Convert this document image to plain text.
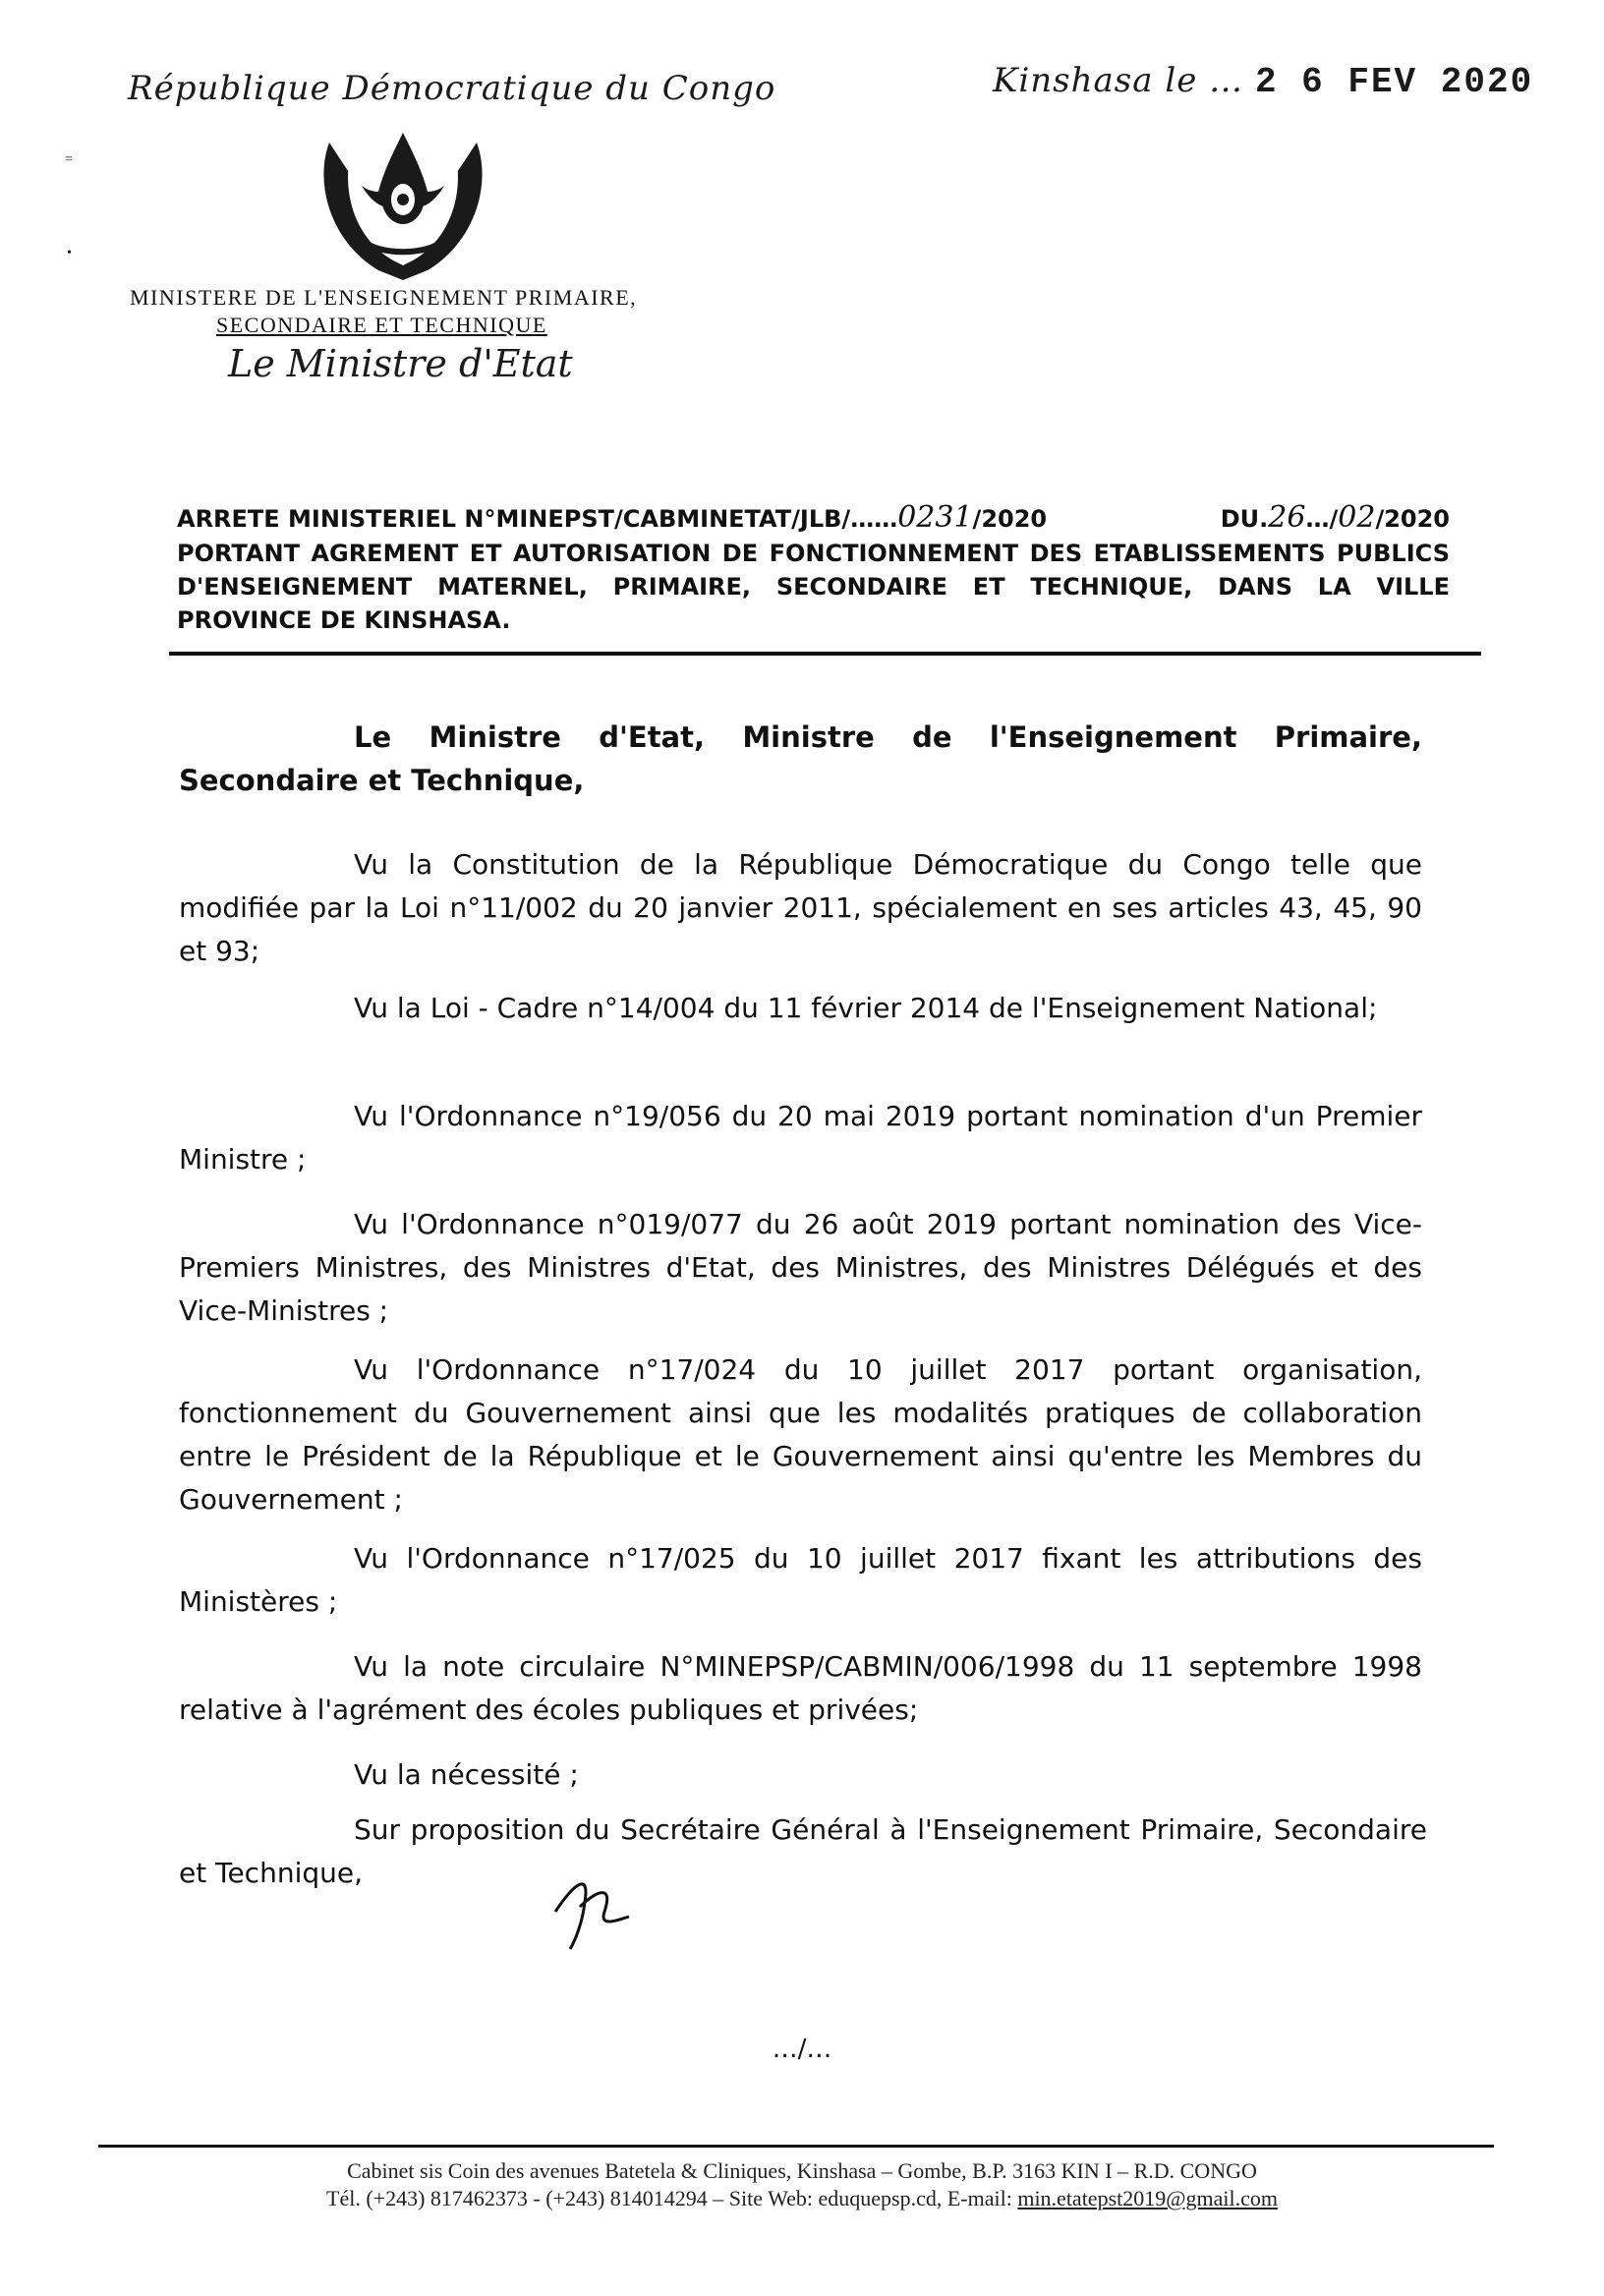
République Démocratique du Congo	Kinshasa le … 2 6 FEV 2020
=
•
MINISTERE DE L'ENSEIGNEMENT PRIMAIRE,
SECONDAIRE ET TECHNIQUE
Le Ministre d'Etat
ARRETE MINISTERIEL N°MINEPST/CABMINETAT/JLB/……0231/2020	DU.26…/02/2020
PORTANT AGREMENT ET AUTORISATION DE FONCTIONNEMENT DES ETABLISSEMENTS PUBLICS D'ENSEIGNEMENT MATERNEL, PRIMAIRE, SECONDAIRE ET TECHNIQUE, DANS LA VILLE PROVINCE DE KINSHASA.
Le Ministre d'Etat, Ministre de l'Enseignement Primaire, Secondaire et Technique,
Vu la Constitution de la République Démocratique du Congo telle que modifiée par la Loi n°11/002 du 20 janvier 2011, spécialement en ses articles 43, 45, 90 et 93;
Vu la Loi - Cadre n°14/004 du 11 février 2014 de l'Enseignement National;
Vu l'Ordonnance n°19/056 du 20 mai 2019 portant nomination d'un Premier Ministre ;
Vu l'Ordonnance n°019/077 du 26 août 2019 portant nomination des Vice-Premiers Ministres, des Ministres d'Etat, des Ministres, des Ministres Délégués et des Vice-Ministres ;
Vu l'Ordonnance n°17/024 du 10 juillet 2017 portant organisation, fonctionnement du Gouvernement ainsi que les modalités pratiques de collaboration entre le Président de la République et le Gouvernement ainsi qu'entre les Membres du Gouvernement ;
Vu l'Ordonnance n°17/025 du 10 juillet 2017 fixant les attributions des Ministères ;
Vu la note circulaire N°MINEPSP/CABMIN/006/1998 du 11 septembre 1998 relative à l'agrément des écoles publiques et privées;
Vu la nécessité ;
Sur proposition du Secrétaire Général à l'Enseignement Primaire, Secondaire et Technique,
…/…
Cabinet sis Coin des avenues Batetela & Cliniques, Kinshasa – Gombe, B.P. 3163 KIN I – R.D. CONGO
Tél. (+243) 817462373 - (+243) 814014294 – Site Web: eduquepsp.cd, E-mail: min.etatepst2019@gmail.com
